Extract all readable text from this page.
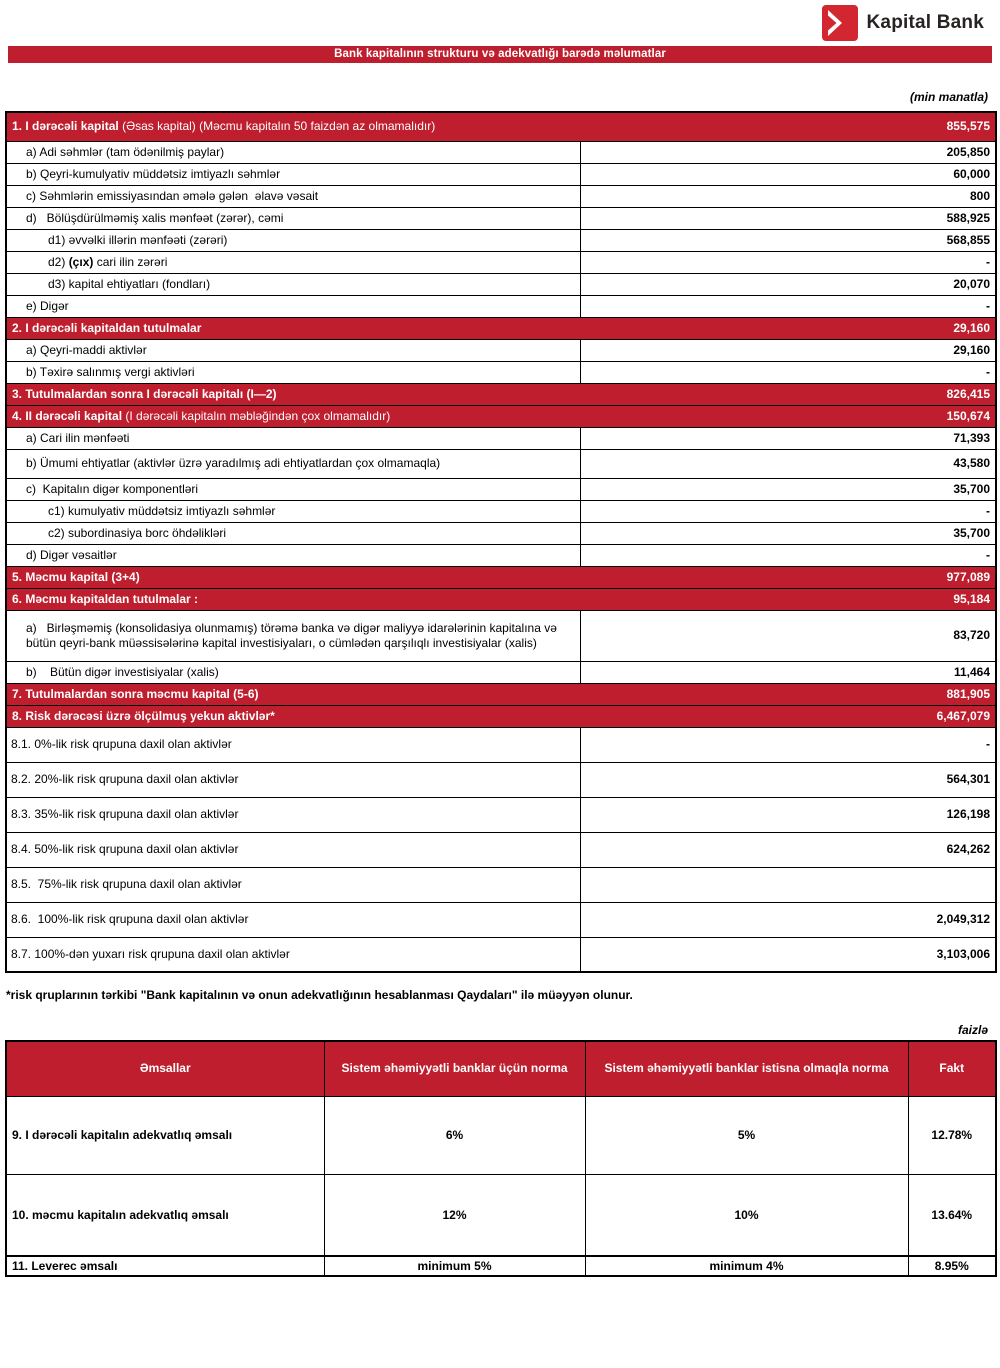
Kapital Bank
Bank kapitalının strukturu və adekvatlığı barədə məlumatlar
(min manatla)
1. I dərəcəli kapital (Əsas kapital) (Məcmu kapitalın 50 faizdən az olmamalıdır) 855,575	

a) Adi səhmlər (tam ödənilmiş paylar)	205,850
b) Qeyri-kumulyativ müddətsiz imtiyazlı səhmlər	60,000
c) Səhmlərin emissiyasından əmələ gələn  əlavə vəsait	800
d)   Bölüşdürülməmiş xalis mənfəət (zərər), cəmi	588,925
d1) əvvəlki illərin mənfəəti (zərəri)	568,855
d2) (çıx) cari ilin zərəri	-
d3) kapital ehtiyatları (fondları)	20,070
e) Digər	-

2. I dərəcəli kapitaldan tutulmalar 29,160	

a) Qeyri-maddi aktivlər	29,160
b) Təxirə salınmış vergi aktivləri	-

3. Tutulmalardan sonra I dərəcəli kapitalı (I—2) 826,415	

4. II dərəcəli kapital (I dərəcəli kapitalın məbləğindən çox olmamalıdır) 150,674	

a) Cari ilin mənfəəti	71,393
b) Ümumi ehtiyatlar (aktivlər üzrə yaradılmış adi ehtiyatlardan çox olmamaqla)	43,580
c)  Kapitalın digər komponentləri	35,700
c1) kumulyativ müddətsiz imtiyazlı səhmlər	-
c2) subordinasiya borc öhdəlikləri	35,700
d) Digər vəsaitlər	-

5. Məcmu kapital (3+4) 977,089	

6. Məcmu kapitaldan tutulmalar : 95,184	

a)   Birləşməmiş (konsolidasiya olunmamış) törəmə banka və digər maliyyə idarələrinin kapitalına və bütün qeyri-bank müəssisələrinə kapital investisiyaları, o cümlədən qarşılıqlı investisiyalar (xalis)	83,720
b)    Bütün digər investisiyalar (xalis)	11,464

7. Tutulmalardan sonra məcmu kapital (5-6) 881,905	

8. Risk dərəcəsi üzrə ölçülmuş yekun aktivlər* 6,467,079	

8.1. 0%-lik risk qrupuna daxil olan aktivlər	-
8.2. 20%-lik risk qrupuna daxil olan aktivlər	564,301
8.3. 35%-lik risk qrupuna daxil olan aktivlər	126,198
8.4. 50%-lik risk qrupuna daxil olan aktivlər	624,262
8.5.  75%-lik risk qrupuna daxil olan aktivlər	
8.6.  100%-lik risk qrupuna daxil olan aktivlər	2,049,312
8.7. 100%-dən yuxarı risk qrupuna daxil olan aktivlər	3,103,006
*risk qruplarının tərkibi "Bank kapitalının və onun adekvatlığının hesablanması Qaydaları" ilə müəyyən olunur.
faizlə
Əmsallar	Sistem əhəmiyyətli banklar üçün norma	Sistem əhəmiyyətli banklar istisna olmaqla norma	Fakt
9. I dərəcəli kapitalın adekvatlıq əmsalı	6%	5%	12.78%
10. məcmu kapitalın adekvatlıq əmsalı	12%	10%	13.64%
11. Leverec əmsalı	minimum 5%	minimum 4%	8.95%
